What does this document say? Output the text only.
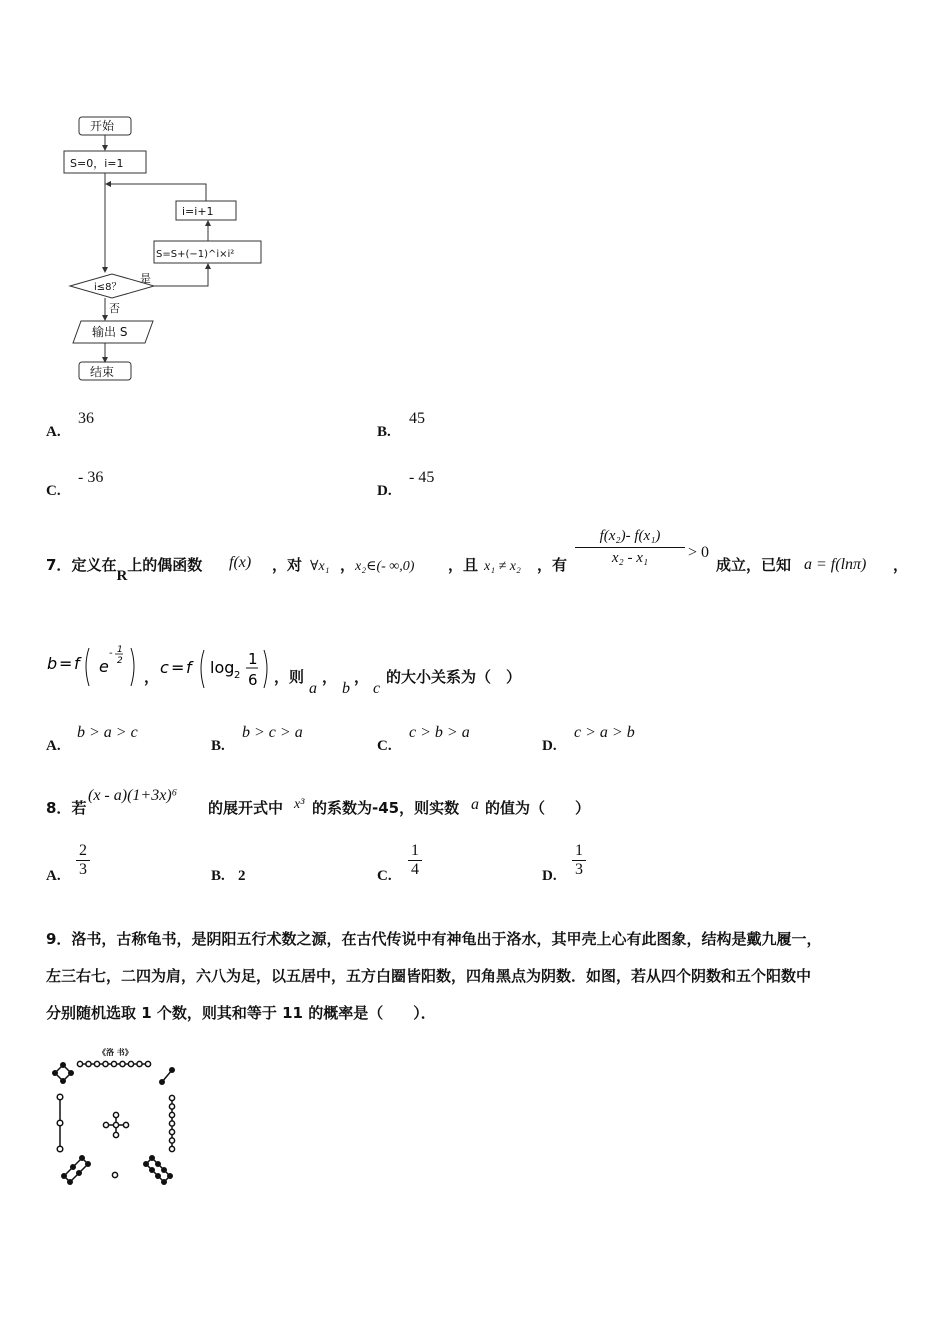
开始
S=0，i=1
i=i+1
S=S+(−1)^i×i²
i≤8？
是
否
输出 S
结束
A.
36
B.
45
C.
- 36
D.
- 45
7．定义在R上的偶函数 f(x) ，对 ∀x₁ ， x₂∈(- ∞,0) ，且 x₁ ≠ x₂ ，有
f(x₂)- f(x₁)
x₂ - x₁	> 0
成立，已知 a = f(lnπ) ，
b = f e
- 1
2
， c = f log 2
1
6 ，则
a
，
b
，
c
的大小关系为（　）
A.
b > a > c
B.
b > c > a
C.
c > b > a
D.
c > a > b
8．若
(x - a)(1+3x)⁶
的展开式中 x³ 的系数为-45，则实数 a 的值为（　　）
A.
2
3	B. 2	C.
1
4	D.
1
3
9．洛书，古称龟书，是阴阳五行术数之源，在古代传说中有神龟出于洛水，其甲壳上心有此图象，结构是戴九履一，
左三右七，二四为肩，六八为足，以五居中，五方白圈皆阳数，四角黑点为阴数．如图，若从四个阴数和五个阳数中
分别随机选取 1 个数，则其和等于 11 的概率是（　　）．
《洛 书》
